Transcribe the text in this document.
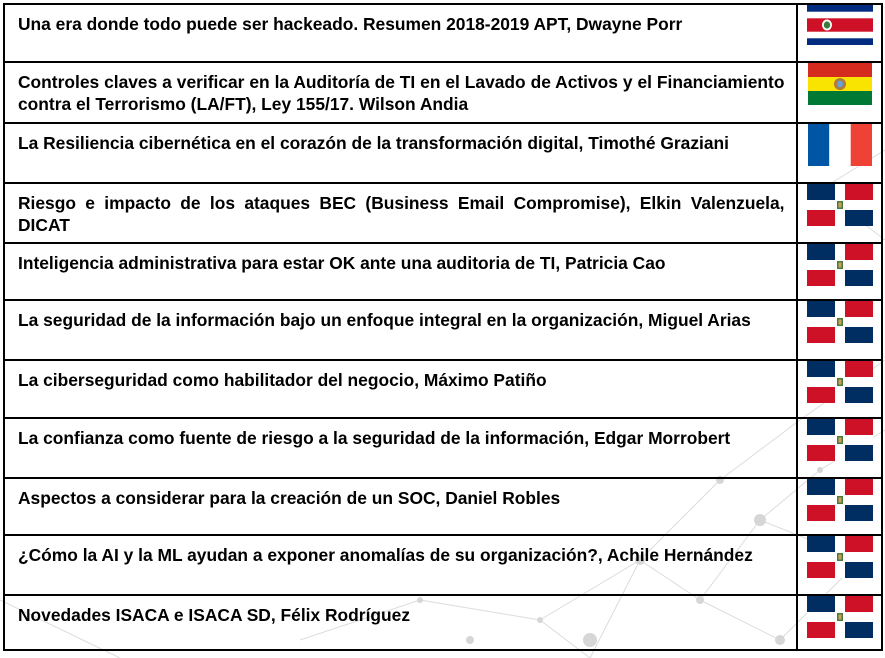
Una era donde todo puede ser hackeado. Resumen 2018-2019 APT, Dwayne Porr	

Controles claves a verificar en la Auditoría de TI en el Lavado de Activos y el Financiamiento contra el Terrorismo (LA/FT), Ley 155/17. Wilson Andia	

La Resiliencia cibernética en el corazón de la transformación digital, Timothé Graziani	

Riesgo e impacto de los ataques BEC (Business Email Compromise), Elkin Valenzuela, DICAT	

Inteligencia administrativa para estar OK ante una auditoria de TI, Patricia Cao	

La seguridad de la información bajo un enfoque integral en la organización, Miguel Arias	

La ciberseguridad como habilitador del negocio, Máximo Patiño	

La confianza como fuente de riesgo a la seguridad de la información, Edgar Morrobert	

Aspectos a considerar para la creación de un SOC, Daniel Robles	

¿Cómo la AI y la ML ayudan a exponer anomalías de su organización?, Achile Hernández	

Novedades ISACA e ISACA SD, Félix Rodríguez	
